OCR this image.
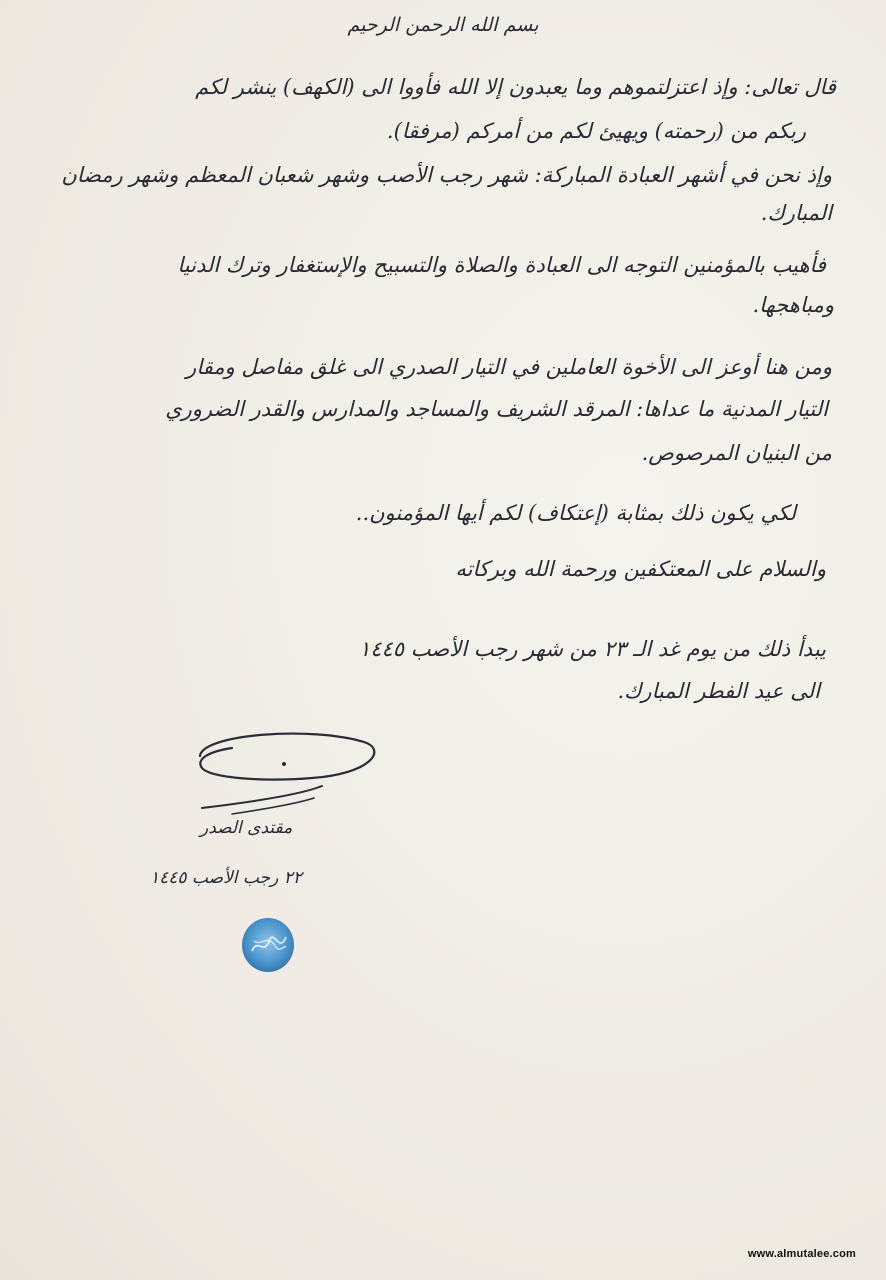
بسم الله الرحمن الرحيم
قال تعالى: وإذ اعتزلتموهم وما يعبدون إلا الله فأووا الى (الكهف) ينشر لكم
ربكم من (رحمته) ويهيئ لكم من أمركم (مرفقا).
وإذ نحن في أشهر العبادة المباركة: شهر رجب الأصب وشهر شعبان المعظم وشهر رمضان
المبارك.
فأهيب بالمؤمنين التوجه الى العبادة والصلاة والتسبيح والإستغفار وترك الدنيا
ومباهجها.
ومن هنا أوعز الى الأخوة العاملين في التيار الصدري الى غلق مفاصل ومقار
التيار المدنية ما عداها: المرقد الشريف والمساجد والمدارس والقدر الضروري
من البنيان المرصوص.
لكي يكون ذلك بمثابة (إعتكاف) لكم أيها المؤمنون..
والسلام على المعتكفين ورحمة الله وبركاته
يبدأ ذلك من يوم غد الـ ٢٣ من شهر رجب الأصب ١٤٤٥
الى عيد الفطر المبارك.
مقتدى الصدر
٢٢ رجب الأصب ١٤٤٥
www.almutalee.com
